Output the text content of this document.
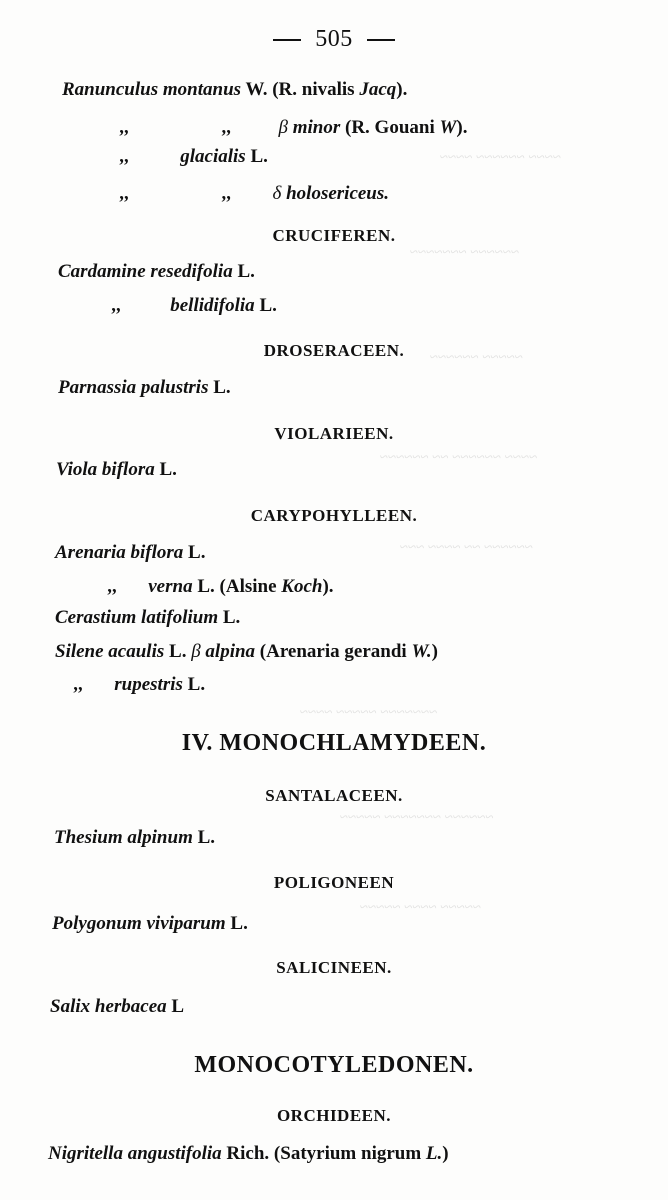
~~~~ ~~~~~~ ~~~~
~~~~~~ ~~~~~~~
~~~~~ ~~~~~~
~~~~ ~~~~~~ ~~ ~~~~~~
~~~~~~ ~~ ~~~~ ~~~
~~~~~~~ ~~~~~ ~~~~
~~~~~~ ~~~~~~~ ~~~~~
~~~~~ ~~~~ ~~~~~
505
Ranunculus montanus W. (R. nivalis Jacq).
,,	,, β minor (R. Gouani W).
,,	glacialis L.
,,	,, δ holosericeus.
CRUCIFEREN.
Cardamine resedifolia L.
,,	bellidifolia L.
DROSERACEEN.
Parnassia palustris L.
VIOLARIEEN.
Viola biflora L.
CARYPOHYLLEEN.
Arenaria biflora L.
,, verna L. (Alsine Koch).
Cerastium latifolium L.
Silene acaulis L. β alpina (Arenaria gerandi W.)
,, rupestris L.
IV. MONOCHLAMYDEEN.
SANTALACEEN.
Thesium alpinum L.
POLIGONEEN
Polygonum viviparum L.
SALICINEEN.
Salix herbacea L
MONOCOTYLEDONEN.
ORCHIDEEN.
Nigritella angustifolia Rich. (Satyrium nigrum L.)
